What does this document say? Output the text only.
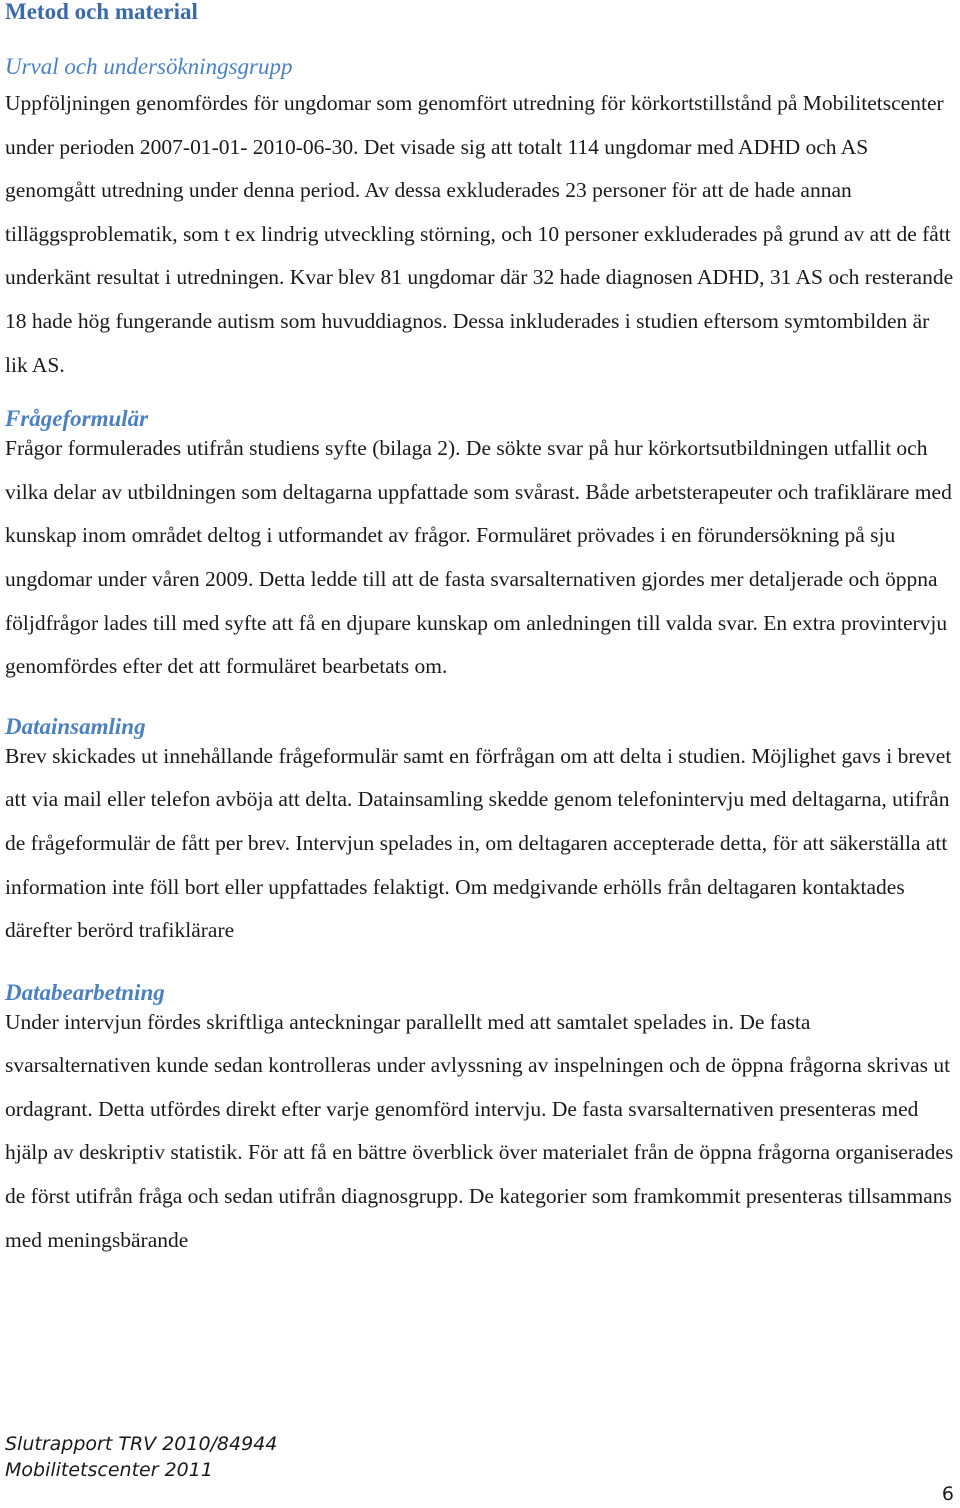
Metod och material
Urval och undersökningsgrupp

Uppföljningen genomfördes för ungdomar som genomfört utredning för körkortstillstånd på Mobilitetscenter under perioden 2007-01-01- 2010-06-30. Det visade sig att totalt 114 ungdomar med ADHD och AS genomgått utredning under denna period. Av dessa exkluderades 23 personer för att de hade annan tilläggsproblematik, som t ex lindrig utveckling störning, och 10 personer exkluderades på grund av att de fått underkänt resultat i utredningen. Kvar blev 81 ungdomar där 32 hade diagnosen ADHD, 31 AS och resterande 18 hade hög fungerande autism som huvuddiagnos. Dessa inkluderades i studien eftersom symtombilden är lik AS.

Frågeformulär

Frågor formulerades utifrån studiens syfte (bilaga 2). De sökte svar på hur körkortsutbildningen utfallit och vilka delar av utbildningen som deltagarna uppfattade som svårast. Både arbetsterapeuter och trafiklärare med kunskap inom området deltog i utformandet av frågor. Formuläret prövades i en förundersökning på sju ungdomar under våren 2009. Detta ledde till att de fasta svarsalternativen gjordes mer detaljerade och öppna följdfrågor lades till med syfte att få en djupare kunskap om anledningen till valda svar. En extra provintervju genomfördes efter det att formuläret bearbetats om.

Datainsamling

Brev skickades ut innehållande frågeformulär samt en förfrågan om att delta i studien. Möjlighet gavs i brevet att via mail eller telefon avböja att delta. Datainsamling skedde genom telefonintervju med deltagarna, utifrån de frågeformulär de fått per brev. Intervjun spelades in, om deltagaren accepterade detta, för att säkerställa att information inte föll bort eller uppfattades felaktigt. Om medgivande erhölls från deltagaren kontaktades därefter berörd trafiklärare

Databearbetning

Under intervjun fördes skriftliga anteckningar parallellt med att samtalet spelades in. De fasta svarsalternativen kunde sedan kontrolleras under avlyssning av inspelningen och de öppna frågorna skrivas ut ordagrant. Detta utfördes direkt efter varje genomförd intervju. De fasta svarsalternativen presenteras med hjälp av deskriptiv statistik. För att få en bättre överblick över materialet från de öppna frågorna organiserades de först utifrån fråga och sedan utifrån diagnosgrupp. De kategorier som framkommit presenteras tillsammans med meningsbärande

Slutrapport TRV 2010/84944
Mobilitetscenter 2011
6
